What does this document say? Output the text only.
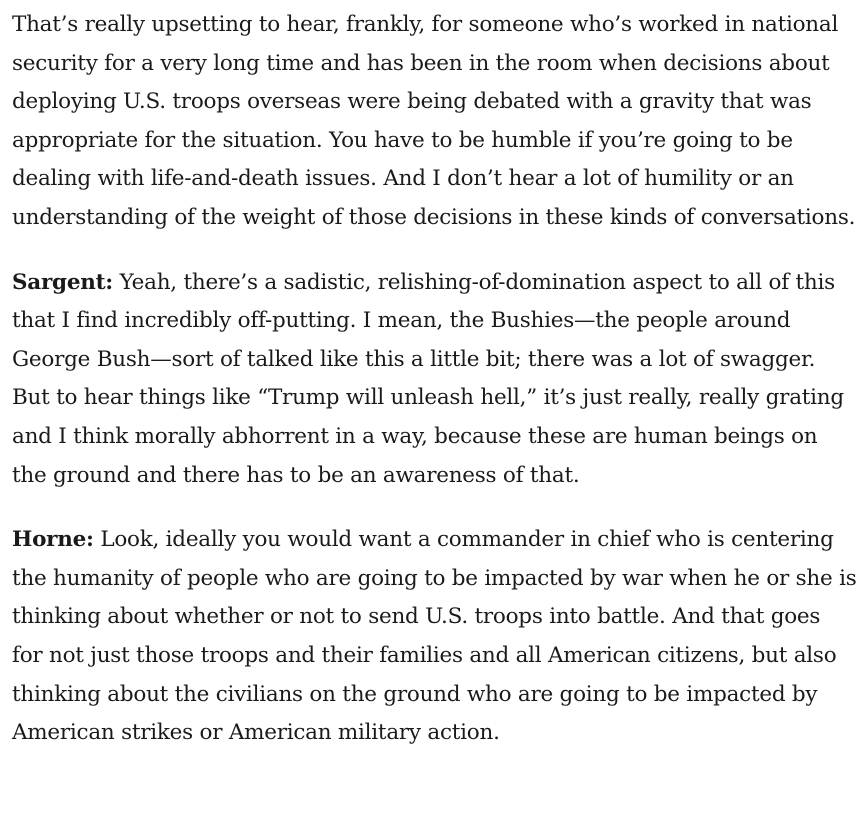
That’s really upsetting to hear, frankly, for someone who’s worked in national security for a very long time and has been in the room when decisions about deploying U.S. troops overseas were being debated with a gravity that was appropriate for the situation. You have to be humble if you’re going to be dealing with life-and-death issues. And I don’t hear a lot of humility or an understanding of the weight of those decisions in these kinds of conversations.

Sargent: Yeah, there’s a sadistic, relishing-of-domination aspect to all of this that I find incredibly off-putting. I mean, the Bushies—the people around George Bush—sort of talked like this a little bit; there was a lot of swagger. But to hear things like “Trump will unleash hell,” it’s just really, really grating and I think morally abhorrent in a way, because these are human beings on the ground and there has to be an awareness of that.

Horne: Look, ideally you would want a commander in chief who is centering the humanity of people who are going to be impacted by war when he or she is thinking about whether or not to send U.S. troops into battle. And that goes for not just those troops and their families and all American citizens, but also thinking about the civilians on the ground who are going to be impacted by American strikes or American military action.
